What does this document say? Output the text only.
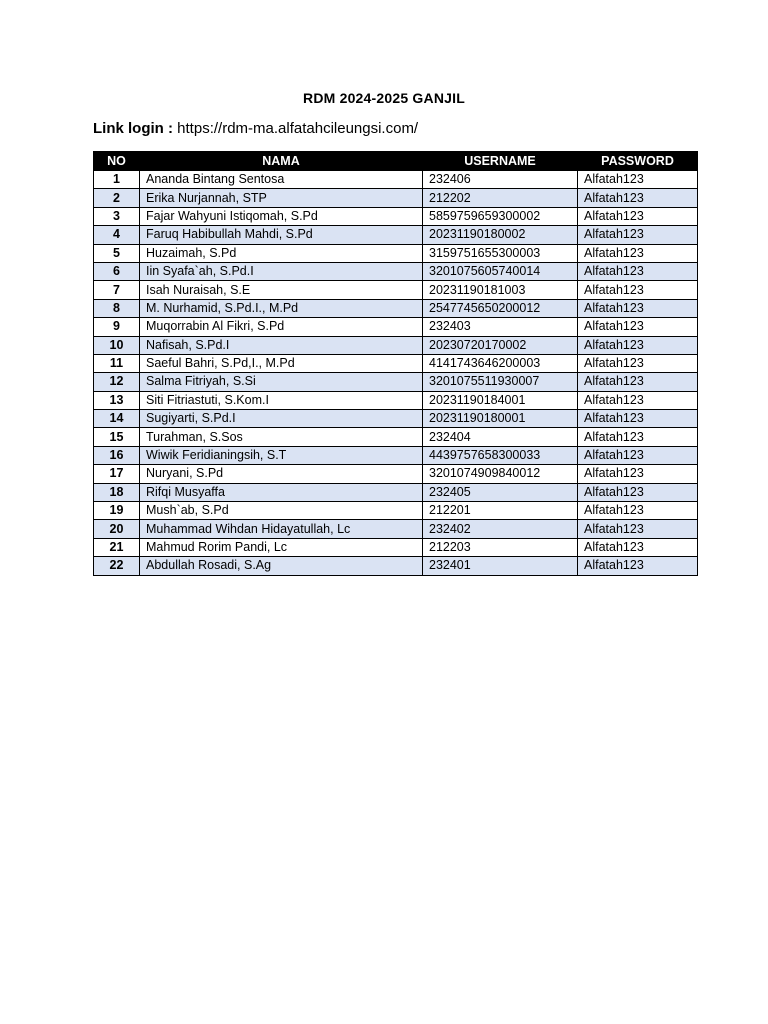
RDM 2024-2025 GANJIL
Link login : https://rdm-ma.alfatahcileungsi.com/
NO	NAMA	USERNAME	PASSWORD
1	Ananda Bintang Sentosa	232406	Alfatah123
2	Erika Nurjannah, STP	212202	Alfatah123
3	Fajar Wahyuni Istiqomah, S.Pd	5859759659300002	Alfatah123
4	Faruq Habibullah Mahdi, S.Pd	20231190180002	Alfatah123
5	Huzaimah, S.Pd	3159751655300003	Alfatah123
6	Iin Syafa`ah, S.Pd.I	3201075605740014	Alfatah123
7	Isah Nuraisah, S.E	20231190181003	Alfatah123
8	M. Nurhamid, S.Pd.I., M.Pd	2547745650200012	Alfatah123
9	Muqorrabin Al Fikri, S.Pd	232403	Alfatah123
10	Nafisah, S.Pd.I	20230720170002	Alfatah123
11	Saeful Bahri, S.Pd,I., M.Pd	4141743646200003	Alfatah123
12	Salma Fitriyah, S.Si	3201075511930007	Alfatah123
13	Siti Fitriastuti, S.Kom.I	20231190184001	Alfatah123
14	Sugiyarti, S.Pd.I	20231190180001	Alfatah123
15	Turahman, S.Sos	232404	Alfatah123
16	Wiwik Feridianingsih, S.T	4439757658300033	Alfatah123
17	Nuryani, S.Pd	3201074909840012	Alfatah123
18	Rifqi Musyaffa	232405	Alfatah123
19	Mush`ab, S.Pd	212201	Alfatah123
20	Muhammad Wihdan Hidayatullah, Lc	232402	Alfatah123
21	Mahmud Rorim Pandi, Lc	212203	Alfatah123
22	Abdullah Rosadi, S.Ag	232401	Alfatah123
